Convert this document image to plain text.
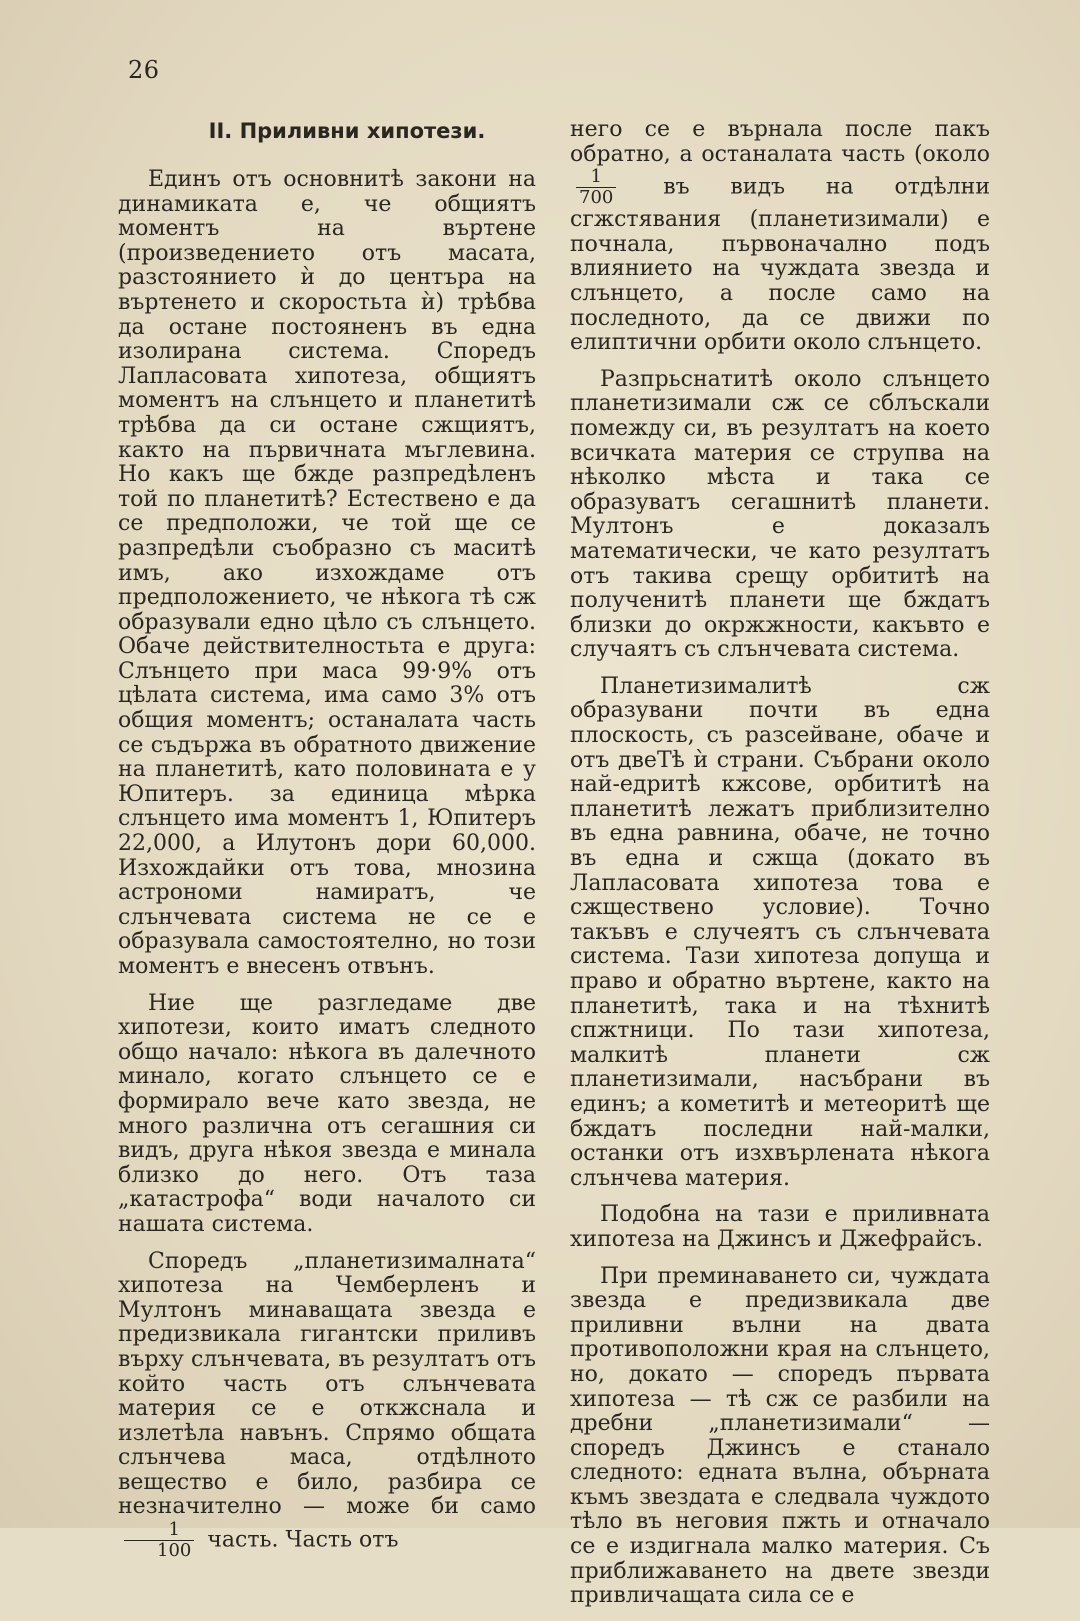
26
II. Приливни хипотези.

Единъ отъ основнитѣ закони на динамиката е, че общиятъ моментъ на въртене (произведението отъ масата, разстоянието ѝ до центъра на въртенето и скоростьта ѝ) трѣбва да остане постояненъ въ една изолирана система. Споредъ Лапласовата хипотеза, общиятъ моментъ на слънцето и планетитѣ трѣбва да си остане сжщиятъ, както на първичната мъглевина. Но какъ ще бжде разпредѣленъ той по планетитѣ? Естествено е да се предположи, че той ще се разпредѣли съобразно съ маситѣ имъ, ако изхождаме отъ предположението, че нѣкога тѣ сж образували едно цѣло съ слънцето. Обаче действителностьта е друга: Слънцето при маса 99·9% отъ цѣлата система, има само 3% отъ общия моментъ; останалата часть се съдържа въ обратното движение на планетитѣ, като половината е у Юпитеръ. за единица мѣрка слънцето има моментъ 1, Юпитеръ 22,000, а Илутонъ дори 60,000. Изхождайки отъ това, мнозина астрономи намиратъ, че слънчевата система не се е образувала самостоятелно, но този моментъ е внесенъ отвънъ.

Ние ще разгледаме две хипотези, които иматъ следното общо начало: нѣкога въ далечното минало, когато слънцето се е формирало вече като звезда, не много различна отъ сегашния си видъ, друга нѣкоя звезда е минала близко до него. Отъ таза „катастрофа“ води началото си нашата система.

Споредъ „планетизималната“ хипотеза на Чемберленъ и Мултонъ минаващата звезда е предизвикала гигантски приливъ върху слънчевата, въ резултатъ отъ който часть отъ слънчевата материя се е откжснала и излетѣла навънъ. Спрямо общата слънчева маса, отдѣлното вещество е било, разбира се незначително — може би само
$\frac{1}{100}$ часть. Часть отъ

него се е върнала после пакъ обратно, а останалата часть (около
$\frac{1}{700}$ въ видъ на отдѣлни сгжстявания (планетизимали) е почнала, първоначално подъ влиянието на чуждата звезда и слънцето, а после само на последното, да се движи по елиптични орбити около слънцето.

Разпрьснатитѣ около слънцето планетизимали сж се сблъскали помежду си, въ резултатъ на което всичката материя се струпва на нѣколко мѣста и така се образуватъ сегашнитѣ планети. Мултонъ е доказалъ математически, че като резултатъ отъ такива срещу орбититѣ на полученитѣ планети ще бждатъ близки до окржжности, какъвто е случаятъ съ слънчевата система.

Планетизималитѣ сж образувани почти въ една плоскость, съ разсейване, обаче и отъ двеTѣ ѝ страни. Събрани около най-едритѣ кжсове, орбититѣ на планетитѣ лежатъ приблизително въ една равнина, обаче, не точно въ една и сжща (докато въ Лапласовата хипотеза това е сжществено условие). Точно такъвъ е случеятъ съ слънчевата система. Тази хипотеза допуща и право и обратно въртене, както на планетитѣ, така и на тѣхнитѣ спжтници. По тази хипотеза, малкитѣ планети сж планетизимали, насъбрани въ единъ; а кометитѣ и метеоритѣ ще бждатъ последни най-малки, останки отъ изхвърлената нѣкога слънчева материя.

Подобна на тази е приливната хипотеза на Джинсъ и Джефрайсъ.

При преминаването си, чуждата звезда е предизвикала две приливни вълни на двата противоположни края на слънцето, но, докато — споредъ първата хипотеза — тѣ сж се разбили на дребни „планетизимали“ — споредъ Джинсъ е станало следното: едната вълна, обърната къмъ звездата е следвала чуждото тѣло въ неговия пжть и отначало се е издигнала малко материя. Съ приближаването на двете звезди привличащата сила се е
